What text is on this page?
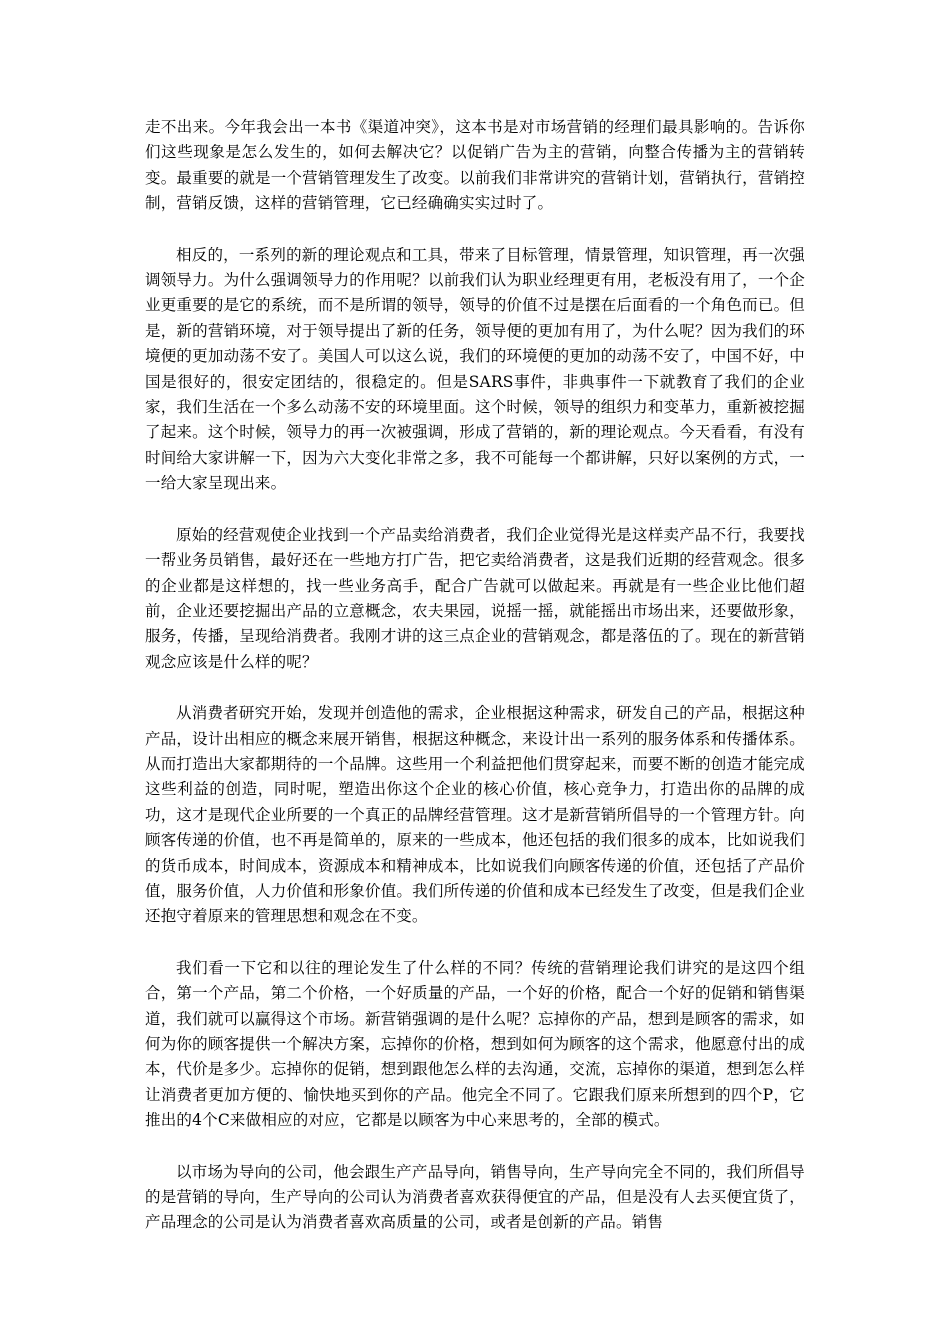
走不出来。今年我会出一本书《渠道冲突》，这本书是对市场营销的经理们最具影响的。告诉你们这些现象是怎么发生的，如何去解决它？以促销广告为主的营销，向整合传播为主的营销转变。最重要的就是一个营销管理发生了改变。以前我们非常讲究的营销计划，营销执行，营销控制，营销反馈，这样的营销管理，它已经确确实实过时了。

相反的，一系列的新的理论观点和工具，带来了目标管理，情景管理，知识管理，再一次强调领导力。为什么强调领导力的作用呢？以前我们认为职业经理更有用，老板没有用了，一个企业更重要的是它的系统，而不是所谓的领导，领导的价值不过是摆在后面看的一个角色而已。但是，新的营销环境，对于领导提出了新的任务，领导便的更加有用了，为什么呢？因为我们的环境便的更加动荡不安了。美国人可以这么说，我们的环境便的更加的动荡不安了，中国不好，中国是很好的，很安定团结的，很稳定的。但是SARS事件，非典事件一下就教育了我们的企业家，我们生活在一个多么动荡不安的环境里面。这个时候，领导的组织力和变革力，重新被挖掘了起来。这个时候，领导力的再一次被强调，形成了营销的，新的理论观点。今天看看，有没有时间给大家讲解一下，因为六大变化非常之多，我不可能每一个都讲解，只好以案例的方式，一一给大家呈现出来。

原始的经营观使企业找到一个产品卖给消费者，我们企业觉得光是这样卖产品不行，我要找一帮业务员销售，最好还在一些地方打广告，把它卖给消费者，这是我们近期的经营观念。很多的企业都是这样想的，找一些业务高手，配合广告就可以做起来。再就是有一些企业比他们超前，企业还要挖掘出产品的立意概念，农夫果园，说摇一摇，就能摇出市场出来，还要做形象，服务，传播，呈现给消费者。我刚才讲的这三点企业的营销观念，都是落伍的了。现在的新营销观念应该是什么样的呢？

从消费者研究开始，发现并创造他的需求，企业根据这种需求，研发自己的产品，根据这种产品，设计出相应的概念来展开销售，根据这种概念，来设计出一系列的服务体系和传播体系。从而打造出大家都期待的一个品牌。这些用一个利益把他们贯穿起来，而要不断的创造才能完成这些利益的创造，同时呢，塑造出你这个企业的核心价值，核心竞争力，打造出你的品牌的成功，这才是现代企业所要的一个真正的品牌经营管理。这才是新营销所倡导的一个管理方针。向顾客传递的价值，也不再是简单的，原来的一些成本，他还包括的我们很多的成本，比如说我们的货币成本，时间成本，资源成本和精神成本，比如说我们向顾客传递的价值，还包括了产品价值，服务价值，人力价值和形象价值。我们所传递的价值和成本已经发生了改变，但是我们企业还抱守着原来的管理思想和观念在不变。

我们看一下它和以往的理论发生了什么样的不同？传统的营销理论我们讲究的是这四个组合，第一个产品，第二个价格，一个好质量的产品，一个好的价格，配合一个好的促销和销售渠道，我们就可以赢得这个市场。新营销强调的是什么呢？忘掉你的产品，想到是顾客的需求，如何为你的顾客提供一个解决方案，忘掉你的价格，想到如何为顾客的这个需求，他愿意付出的成本，代价是多少。忘掉你的促销，想到跟他怎么样的去沟通，交流，忘掉你的渠道，想到怎么样让消费者更加方便的、愉快地买到你的产品。他完全不同了。它跟我们原来所想到的四个P，它推出的4个C来做相应的对应，它都是以顾客为中心来思考的，全部的模式。

以市场为导向的公司，他会跟生产产品导向，销售导向，生产导向完全不同的，我们所倡导的是营销的导向，生产导向的公司认为消费者喜欢获得便宜的产品，但是没有人去买便宜货了，产品理念的公司是认为消费者喜欢高质量的公司，或者是创新的产品。销售
